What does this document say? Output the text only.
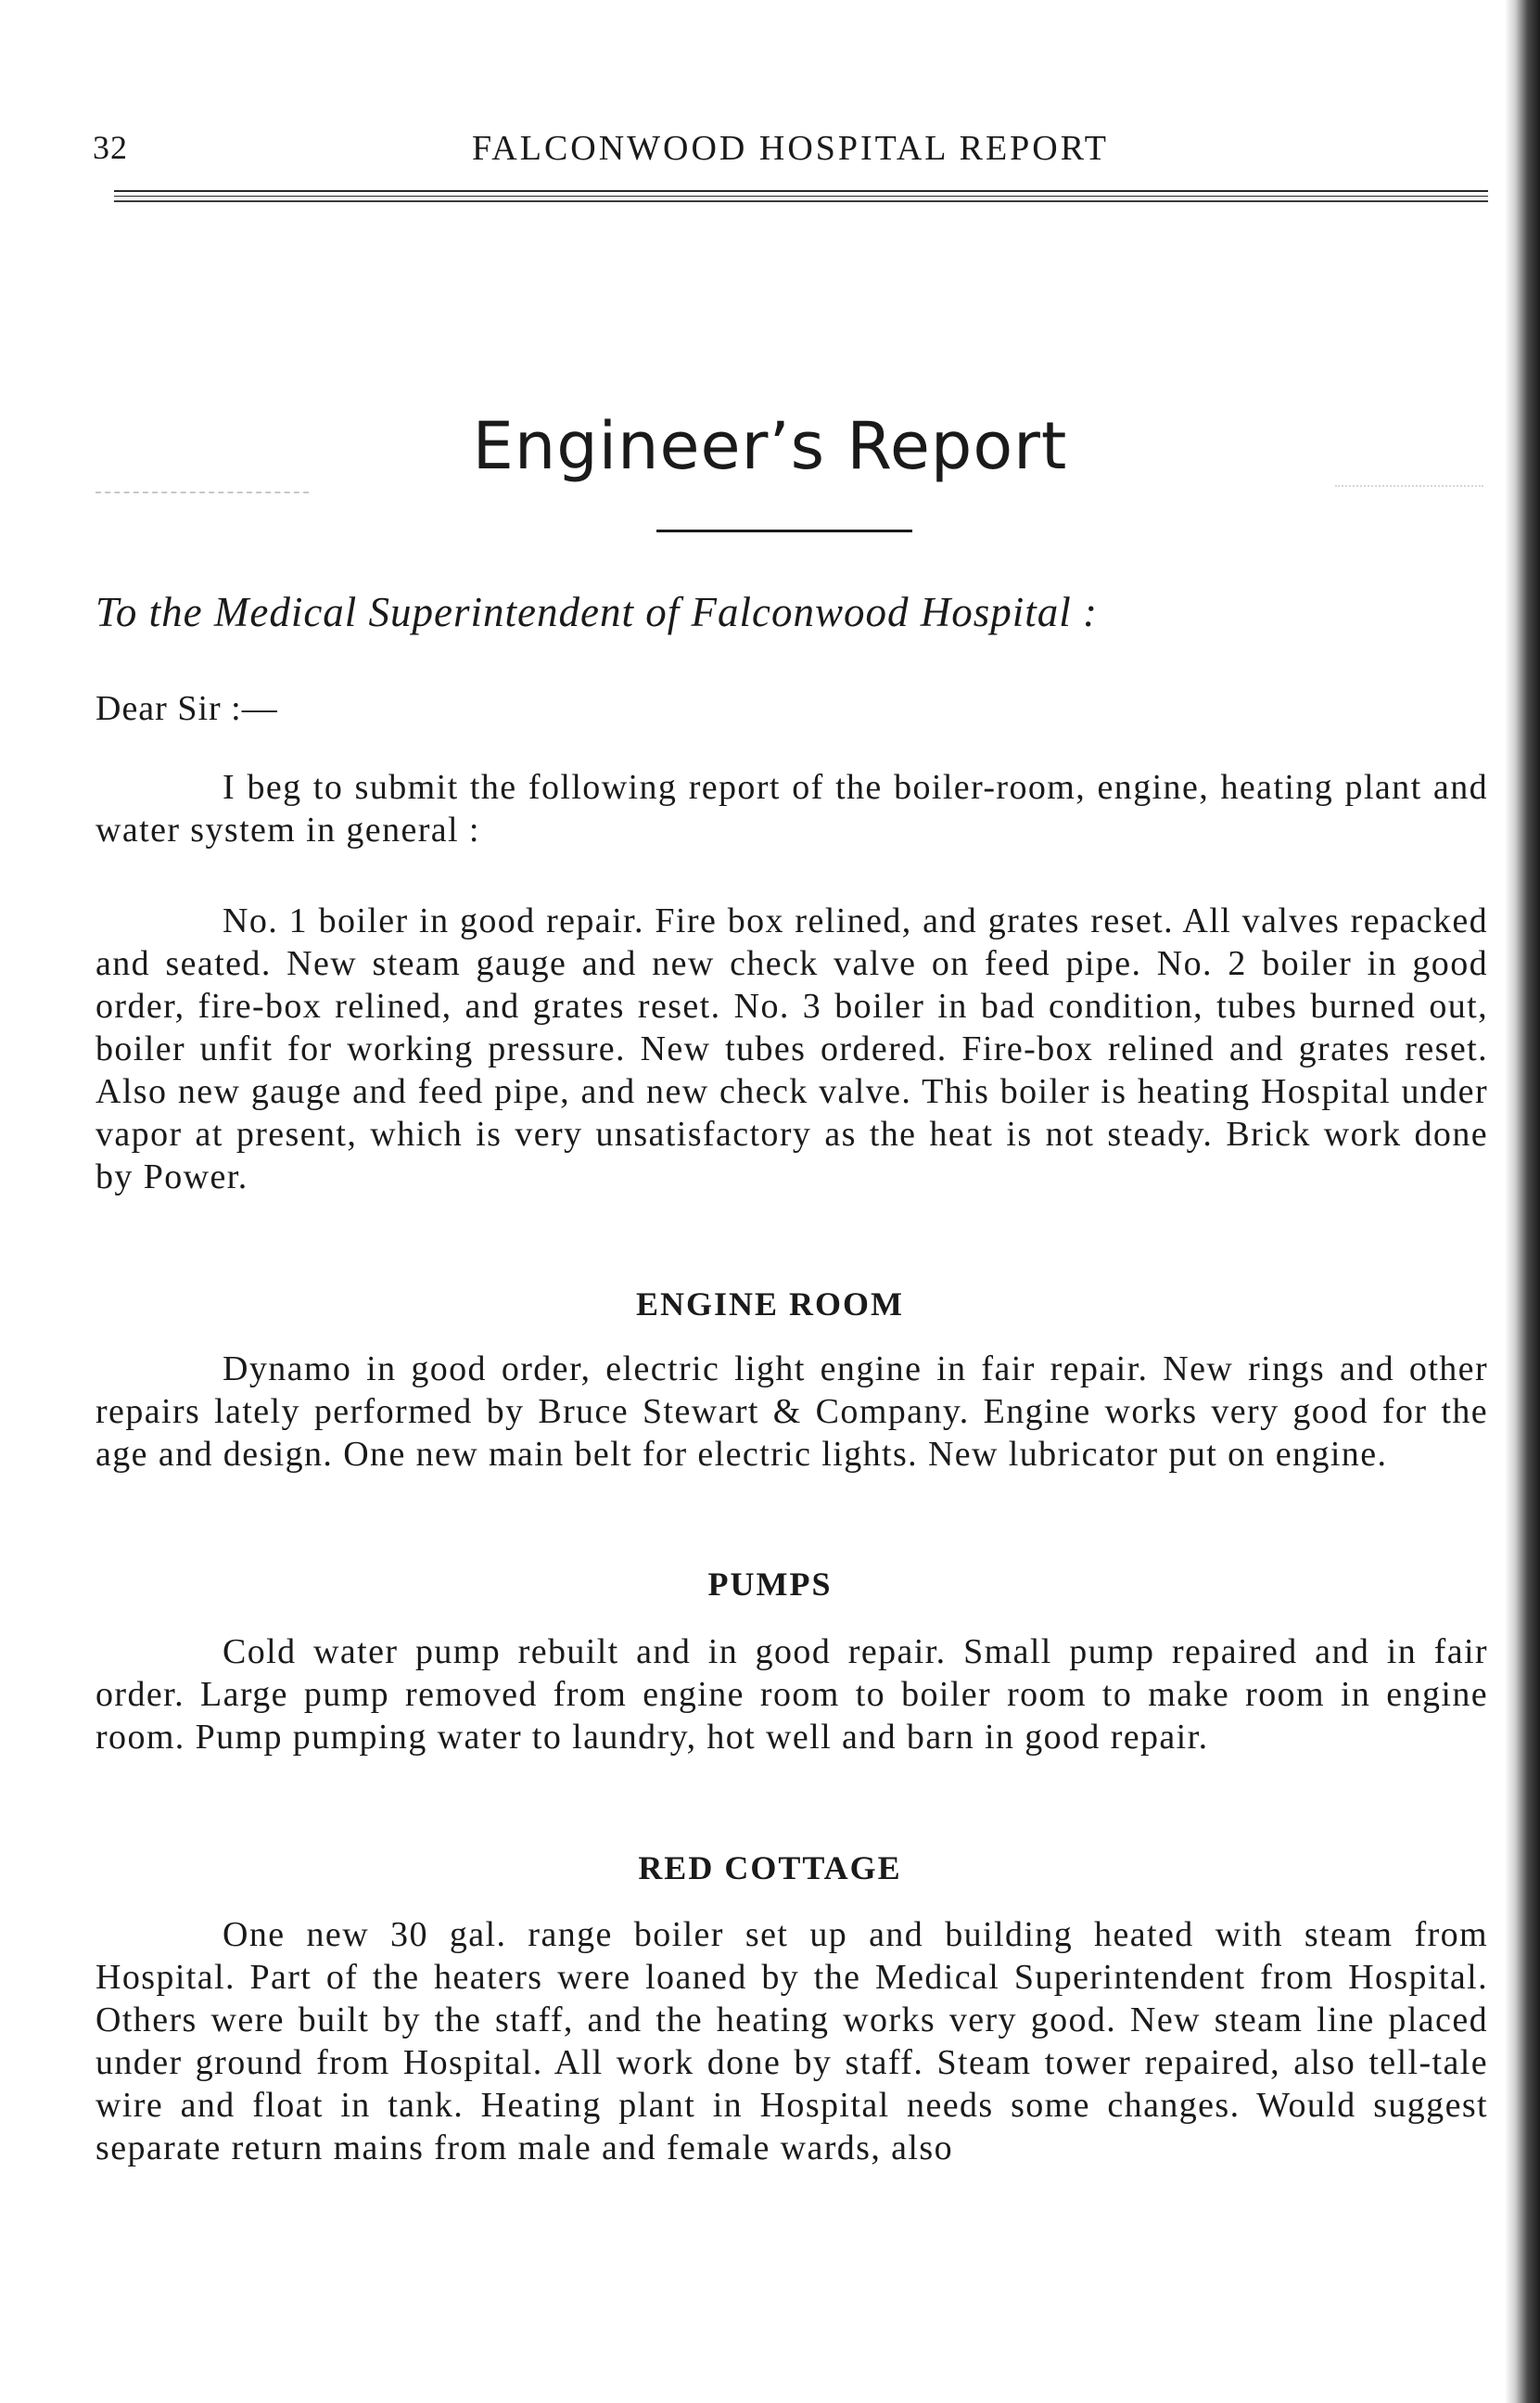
32	FALCONWOOD HOSPITAL REPORT
Engineer’s Report
To the Medical Superintendent of Falconwood Hospital :
Dear Sir :—

I beg to submit the following report of the boiler-room, engine, heating plant and water system in general :

No. 1 boiler in good repair. Fire box relined, and grates reset. All valves repacked and seated. New steam gauge and new check valve on feed pipe. No. 2 boiler in good order, fire-box relined, and grates reset. No. 3 boiler in bad condition, tubes burned out, boiler unfit for working pressure. New tubes ordered. Fire-box relined and grates reset. Also new gauge and feed pipe, and new check valve. This boiler is heating Hospital under vapor at present, which is very unsatisfactory as the heat is not steady. Brick work done by Power.

ENGINE ROOM

Dynamo in good order, electric light engine in fair repair. New rings and other repairs lately performed by Bruce Stewart & Company. Engine works very good for the age and design. One new main belt for electric lights. New lubricator put on engine.

PUMPS

Cold water pump rebuilt and in good repair. Small pump repaired and in fair order. Large pump removed from engine room to boiler room to make room in engine room. Pump pumping water to laundry, hot well and barn in good repair.

RED COTTAGE

One new 30 gal. range boiler set up and building heated with steam from Hospital. Part of the heaters were loaned by the Medical Superintendent from Hospital. Others were built by the staff, and the heating works very good. New steam line placed under ground from Hospital. All work done by staff. Steam tower repaired, also tell-tale wire and float in tank. Heating plant in Hospital needs some changes. Would suggest separate return mains from male and female wards, also
